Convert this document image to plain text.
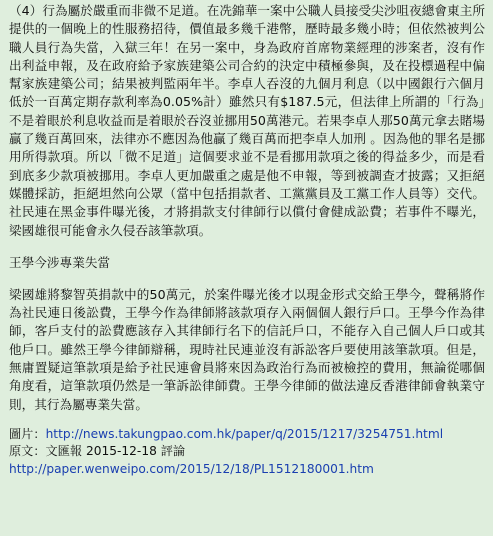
（4）行為屬於嚴重而非微不足道。在冼錦華一案中公職人員接受尖沙咀夜總會東主所提供的一個晚上的性服務招待，價值最多幾千港幣，歷時最多幾小時；但依然被判公職人員行為失當，入獄三年！在另一案中，身為政府首席物業經理的涉案者，沒有作出利益申報，及在政府給予家族建築公司合約的決定中積極參與，及在投標過程中偏幫家族建築公司；結果被判監兩年半。李卓人吞沒的九個月利息（以中國銀行六個月低於一百萬定期存款利率為0.05%計）雖然只有$187.5元，但法律上所謂的「行為」不是着眼於利息收益而是着眼於吞沒並挪用50萬港元。若果李卓人那50萬元拿去賭場贏了幾百萬回來，法律亦不應因為他贏了幾百萬而把李卓人加刑 。因為他的罪名是挪用所得款項。所以「微不足道」這個要求並不是看挪用款項之後的得益多少，而是看到底多少款項被挪用。李卓人更加嚴重之處是他不申報，等到被調查才披露；又拒絕媒體採訪，拒絕坦然向公眾（當中包括捐款者、工黨黨員及工黨工作人員等）交代。社民連在黑金事件曝光後，才將捐款支付律師行以償付會健成訟費；若事件不曝光，梁國雄很可能會永久侵吞該筆款項。

王學今涉專業失當

梁國雄將黎智英捐款中的50萬元，於案件曝光後才以現金形式交給王學今，聲稱將作為社民連日後訟費，王學今作為律師將該款項存入兩個個人銀行戶口。王學今作為律師，客戶支付的訟費應該存入其律師行名下的信託戶口，不能存入自己個人戶口或其他戶口。雖然王學今律師辯稱，現時社民連並沒有訴訟客戶要使用該筆款項。但是，無庸置疑這筆款項是給予社民連會員將來因為政治行為而被檢控的費用，無論從哪個角度看，這筆款項仍然是一筆訴訟律師費。王學今律師的做法違反香港律師會執業守則，其行為屬專業失當。

圖片：http://news.takungpao.com.hk/paper/q/2015/1217/3254751.html
原文：文匯報 2015-12-18 評論
http://paper.wenweipo.com/2015/12/18/PL1512180001.htm
